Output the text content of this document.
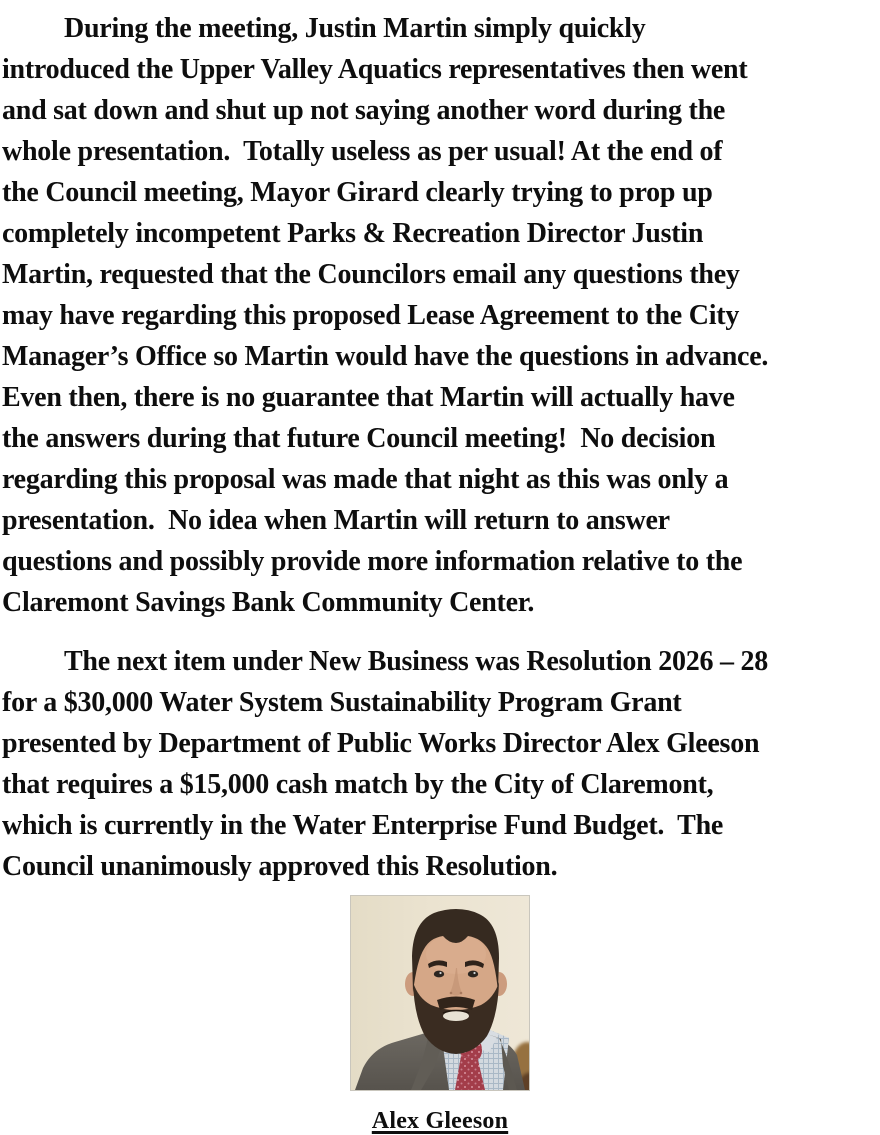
During the meeting, Justin Martin simply quickly
introduced the Upper Valley Aquatics representatives then went
and sat down and shut up not saying another word during the
whole presentation.  Totally useless as per usual! At the end of
the Council meeting, Mayor Girard clearly trying to prop up
completely incompetent Parks & Recreation Director Justin
Martin, requested that the Councilors email any questions they
may have regarding this proposed Lease Agreement to the City
Manager’s Office so Martin would have the questions in advance.
Even then, there is no guarantee that Martin will actually have
the answers during that future Council meeting!  No decision
regarding this proposal was made that night as this was only a
presentation.  No idea when Martin will return to answer
questions and possibly provide more information relative to the
Claremont Savings Bank Community Center.
The next item under New Business was Resolution 2026 – 28
for a $30,000 Water System Sustainability Program Grant
presented by Department of Public Works Director Alex Gleeson
that requires a $15,000 cash match by the City of Claremont,
which is currently in the Water Enterprise Fund Budget.  The
Council unanimously approved this Resolution.
Alex Gleeson
